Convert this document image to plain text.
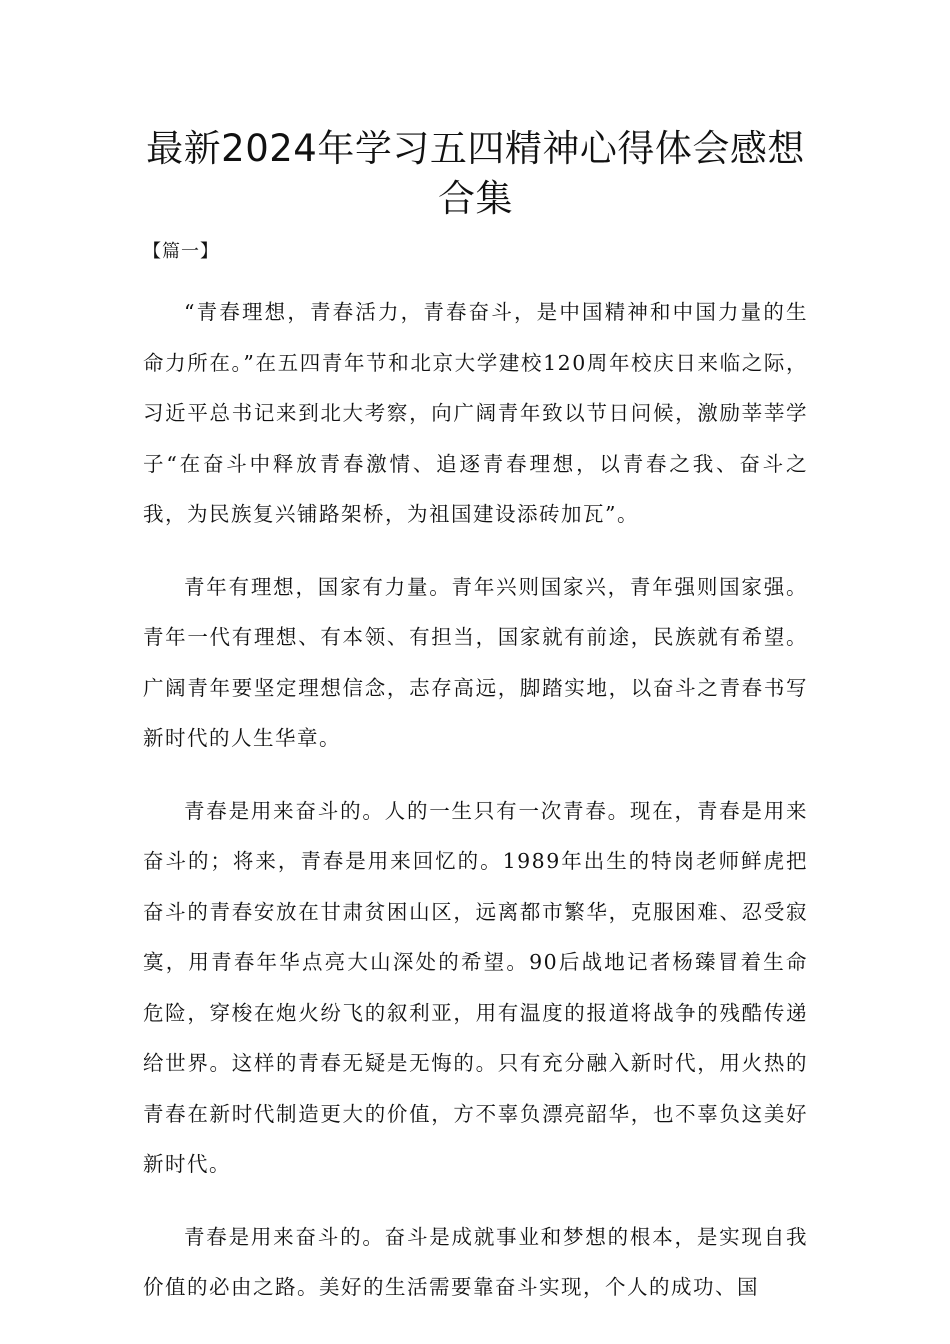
最新2024年学习五四精神心得体会感想合集
【篇一】

“青春理想，青春活力，青春奋斗，是中国精神和中国力量的生命力所在。”在五四青年节和北京大学建校120周年校庆日来临之际，习近平总书记来到北大考察，向广阔青年致以节日问候，激励莘莘学子“在奋斗中释放青春激情、追逐青春理想，以青春之我、奋斗之我，为民族复兴铺路架桥，为祖国建设添砖加瓦”。

青年有理想，国家有力量。青年兴则国家兴，青年强则国家强。青年一代有理想、有本领、有担当，国家就有前途，民族就有希望。广阔青年要坚定理想信念，志存高远，脚踏实地，以奋斗之青春书写新时代的人生华章。

青春是用来奋斗的。人的一生只有一次青春。现在，青春是用来奋斗的；将来，青春是用来回忆的。1989年出生的特岗老师鲜虎把奋斗的青春安放在甘肃贫困山区，远离都市繁华，克服困难、忍受寂寞，用青春年华点亮大山深处的希望。90后战地记者杨臻冒着生命危险，穿梭在炮火纷飞的叙利亚，用有温度的报道将战争的残酷传递给世界。这样的青春无疑是无悔的。只有充分融入新时代，用火热的青春在新时代制造更大的价值，方不辜负漂亮韶华，也不辜负这美好新时代。

青春是用来奋斗的。奋斗是成就事业和梦想的根本，是实现自我价值的必由之路。美好的生活需要靠奋斗实现，个人的成功、国
